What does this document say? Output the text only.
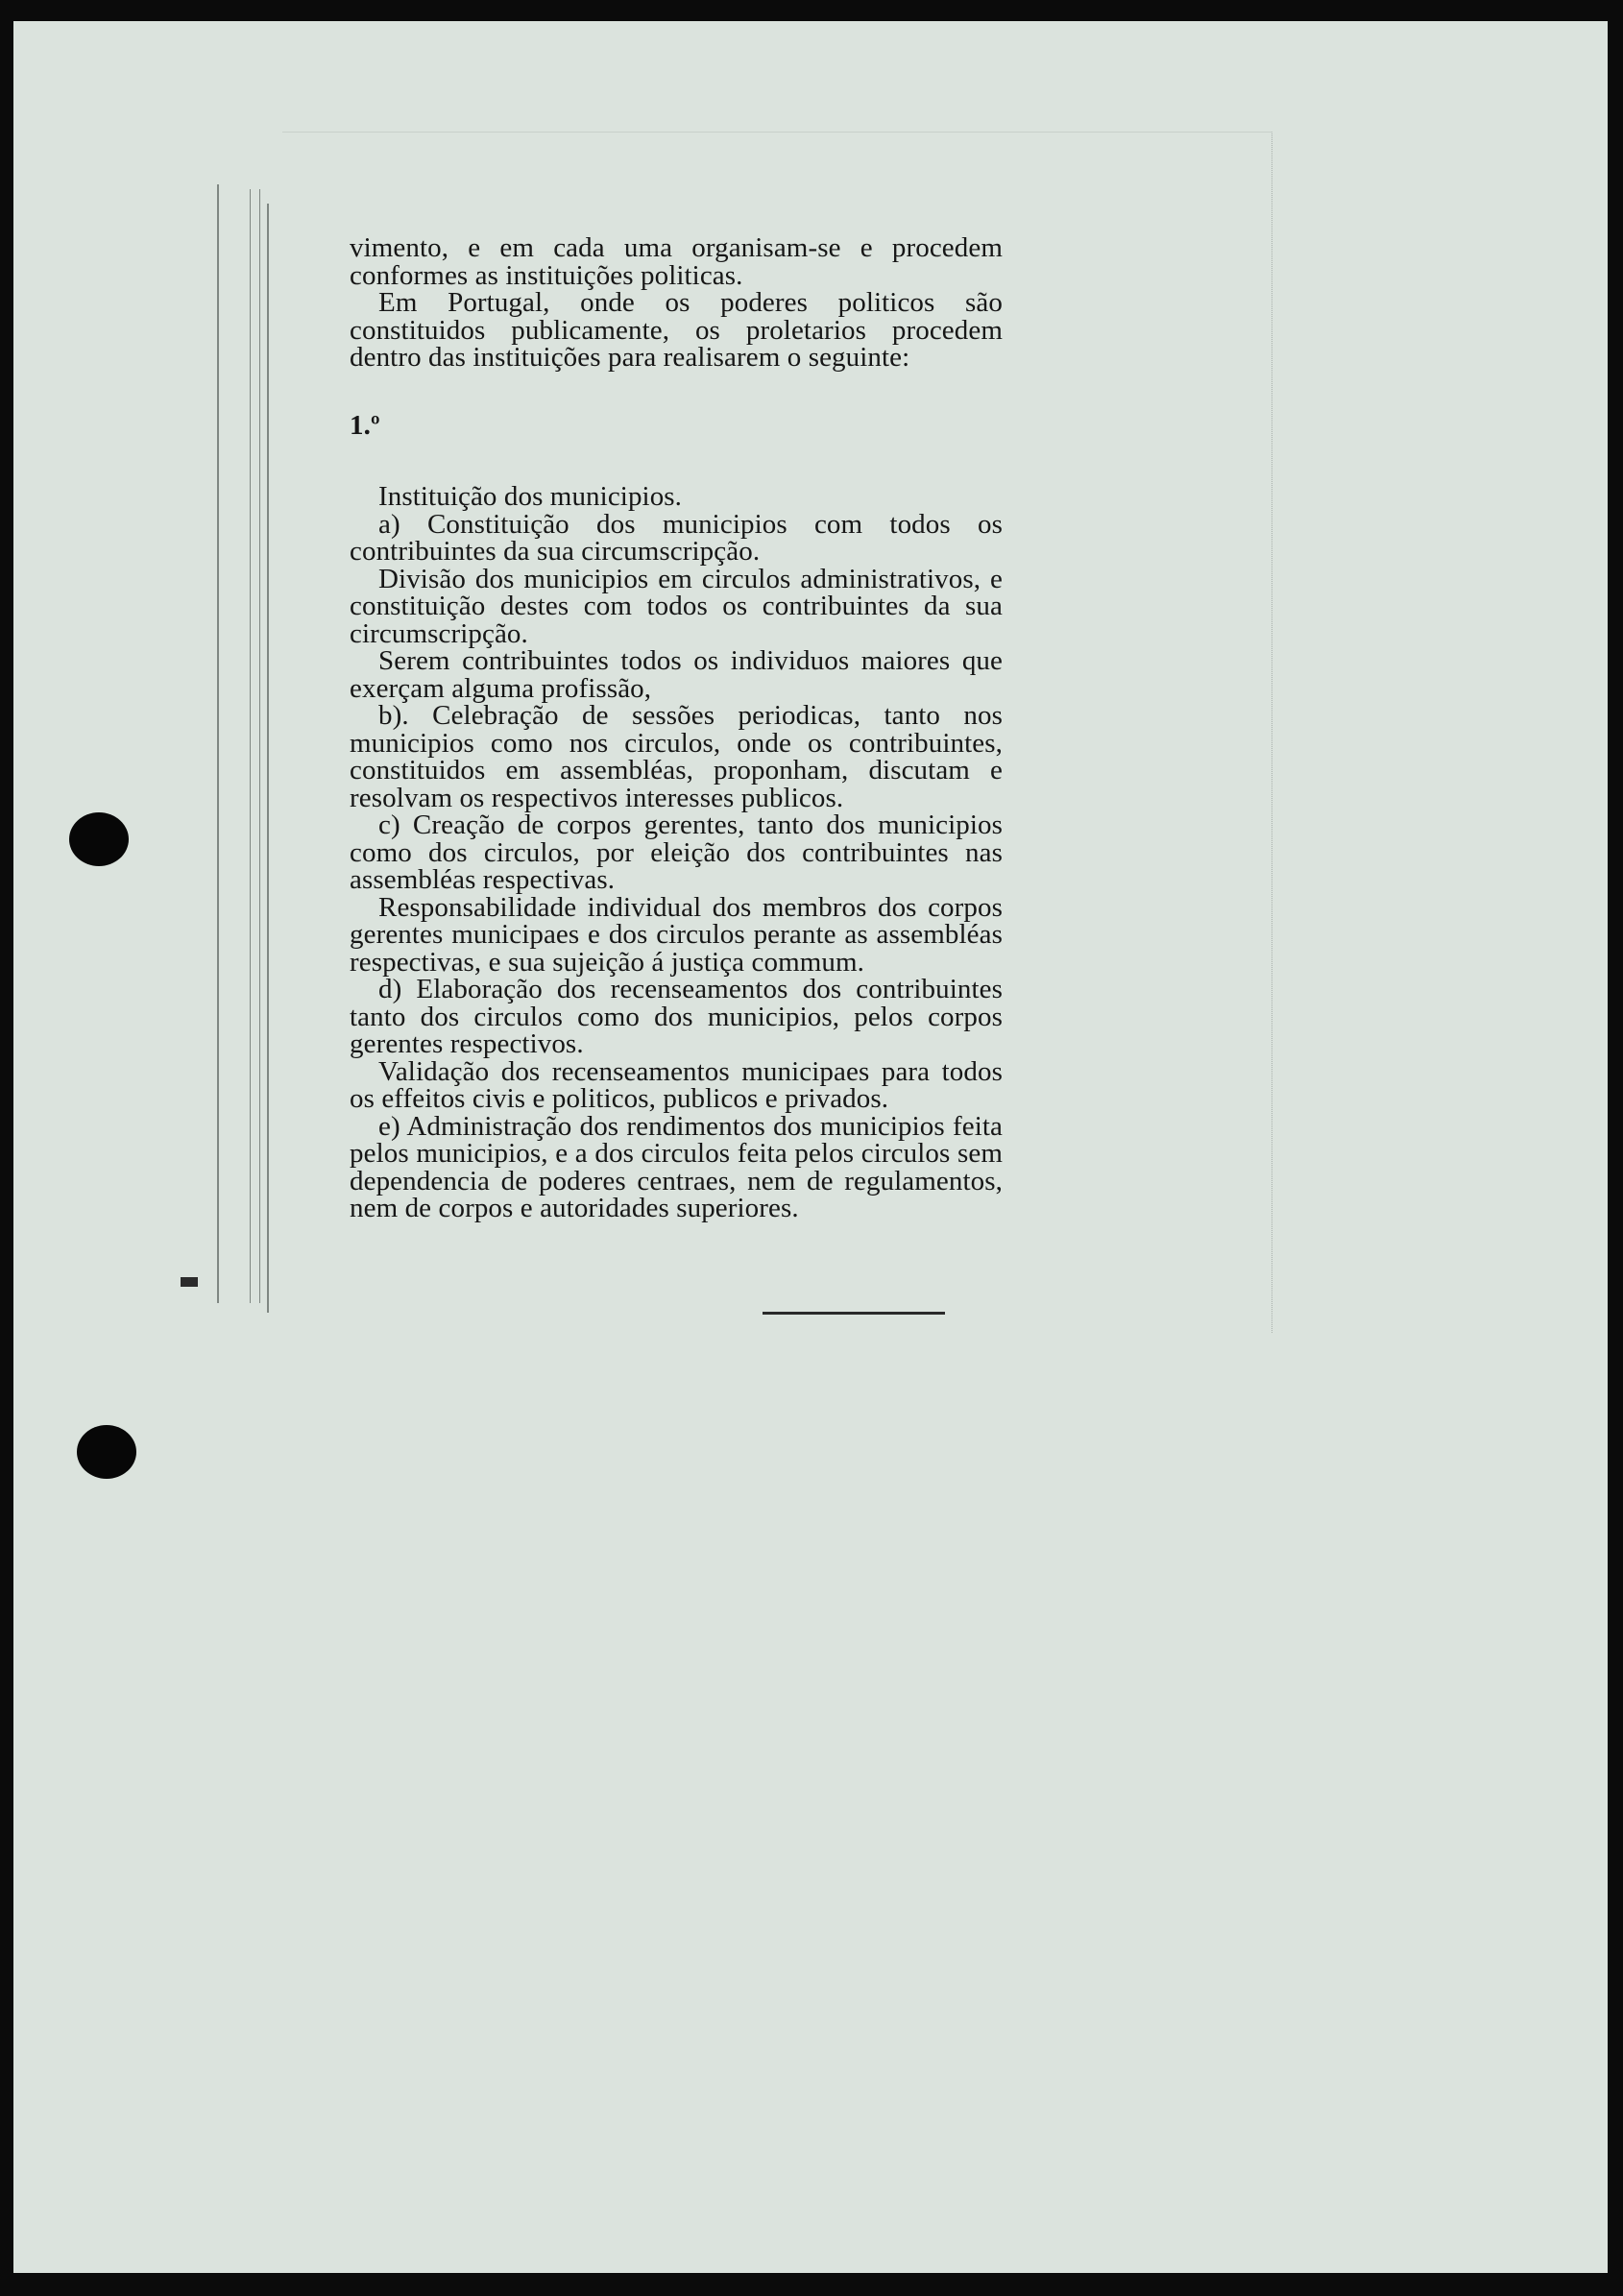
vimento, e em cada uma organisam-se e procedem conformes as instituições politicas.

Em Portugal, onde os poderes politicos são constituidos publicamente, os proletarios procedem dentro das instituições para realisarem o seguinte:

1.º

Instituição dos municipios.

a) Constituição dos municipios com todos os contribuintes da sua circumscripção.

Divisão dos municipios em circulos administrativos, e constituição destes com todos os contribuintes da sua circumscripção.

Serem contribuintes todos os individuos maiores que exerçam alguma profissão,

b). Celebração de sessões periodicas, tanto nos municipios como nos circulos, onde os contribuintes, constituidos em assembléas, proponham, discutam e resolvam os respectivos interesses publicos.

c) Creação de corpos gerentes, tanto dos municipios como dos circulos, por eleição dos contribuintes nas assembléas respectivas.

Responsabilidade individual dos membros dos corpos gerentes municipaes e dos circulos perante as assembléas respectivas, e sua sujeição á justiça commum.

d) Elaboração dos recenseamentos dos contribuintes tanto dos circulos como dos municipios, pelos corpos gerentes respectivos.

Validação dos recenseamentos municipaes para todos os effeitos civis e politicos, publicos e privados.

e) Administração dos rendimentos dos municipios feita pelos municipios, e a dos circulos feita pelos circulos sem dependencia de poderes centraes, nem de regulamentos, nem de corpos e autoridades superiores.
